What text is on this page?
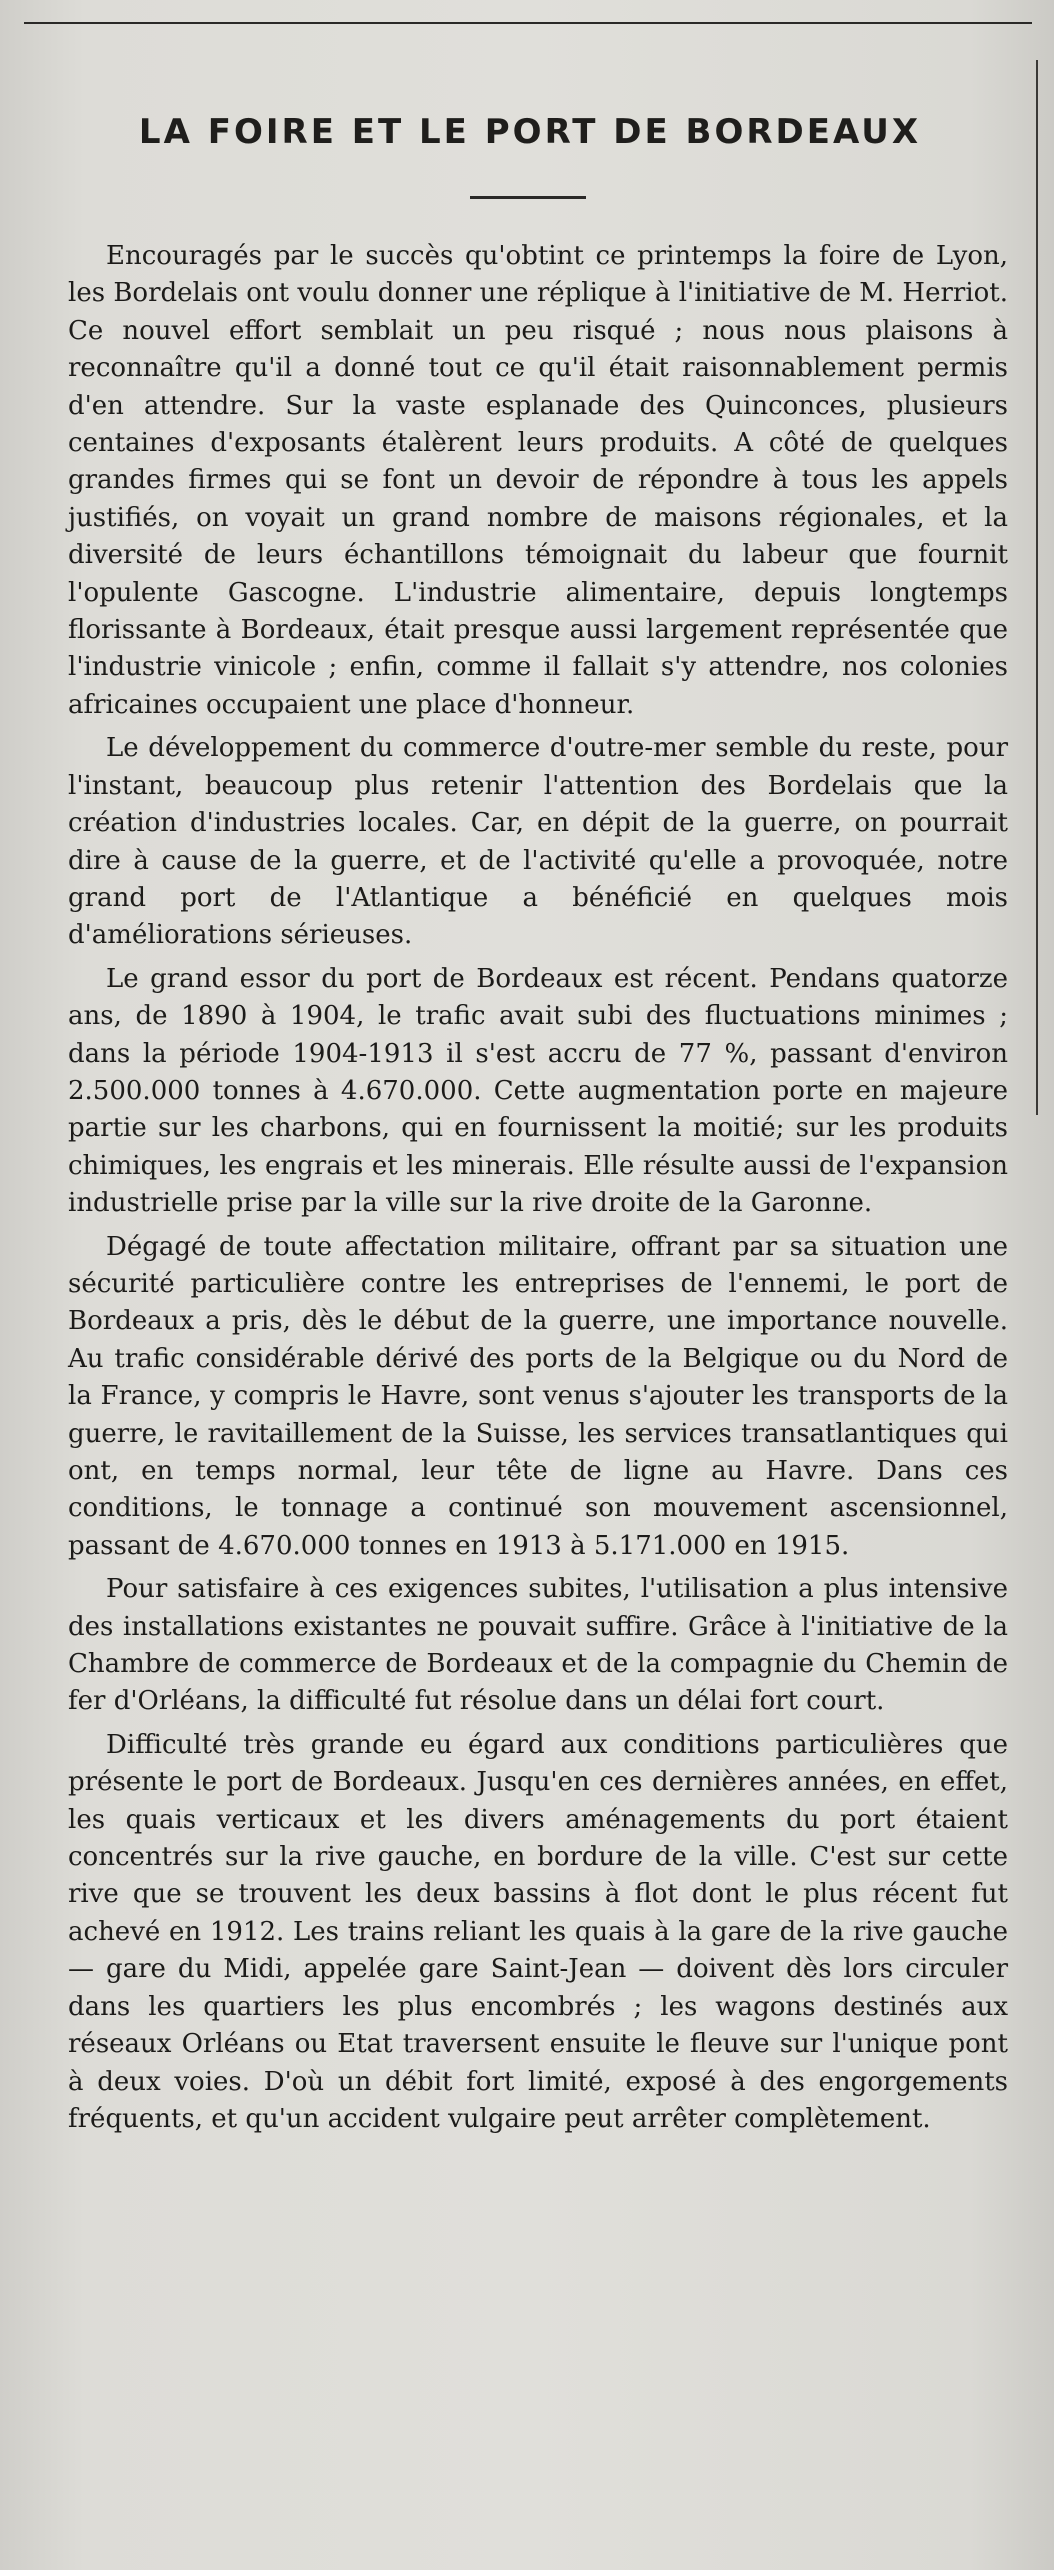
LA FOIRE ET LE PORT DE BORDEAUX

Encouragés par le succès qu'obtint ce printemps la foire de Lyon, les Bordelais ont voulu donner une réplique à l'initiative de M. Herriot. Ce nouvel effort semblait un peu risqué ; nous nous plaisons à reconnaître qu'il a donné tout ce qu'il était raisonnablement permis d'en attendre. Sur la vaste esplanade des Quinconces, plusieurs centaines d'exposants étalèrent leurs produits. A côté de quelques grandes firmes qui se font un devoir de répondre à tous les appels justifiés, on voyait un grand nombre de maisons régionales, et la diversité de leurs échantillons témoignait du labeur que fournit l'opulente Gascogne. L'industrie alimentaire, depuis longtemps florissante à Bordeaux, était presque aussi largement représentée que l'industrie vinicole ; enfin, comme il fallait s'y attendre, nos colonies africaines occupaient une place d'honneur.

Le développement du commerce d'outre-mer semble du reste, pour l'instant, beaucoup plus retenir l'attention des Bordelais que la création d'industries locales. Car, en dépit de la guerre, on pourrait dire à cause de la guerre, et de l'activité qu'elle a provoquée, notre grand port de l'Atlantique a bénéficié en quelques mois d'améliorations sérieuses.

Le grand essor du port de Bordeaux est récent. Pendans quatorze ans, de 1890 à 1904, le trafic avait subi des fluctuations minimes ; dans la période 1904-1913 il s'est accru de 77 %, passant d'environ 2.500.000 tonnes à 4.670.000. Cette augmentation porte en majeure partie sur les charbons, qui en fournissent la moitié; sur les produits chimiques, les engrais et les minerais. Elle résulte aussi de l'expansion industrielle prise par la ville sur la rive droite de la Garonne.

Dégagé de toute affectation militaire, offrant par sa situation une sécurité particulière contre les entreprises de l'ennemi, le port de Bordeaux a pris, dès le début de la guerre, une importance nouvelle. Au trafic considérable dérivé des ports de la Belgique ou du Nord de la France, y compris le Havre, sont venus s'ajouter les transports de la guerre, le ravitaillement de la Suisse, les services transatlantiques qui ont, en temps normal, leur tête de ligne au Havre. Dans ces conditions, le tonnage a continué son mouvement ascensionnel, passant de 4.670.000 tonnes en 1913 à 5.171.000 en 1915.

Pour satisfaire à ces exigences subites, l'utilisation a plus intensive des installations existantes ne pouvait suffire. Grâce à l'initiative de la Chambre de commerce de Bordeaux et de la compagnie du Chemin de fer d'Orléans, la difficulté fut résolue dans un délai fort court.

Difficulté très grande eu égard aux conditions particulières que présente le port de Bordeaux. Jusqu'en ces dernières années, en effet, les quais verticaux et les divers aménagements du port étaient concentrés sur la rive gauche, en bordure de la ville. C'est sur cette rive que se trouvent les deux bassins à flot dont le plus récent fut achevé en 1912. Les trains reliant les quais à la gare de la rive gauche — gare du Midi, appelée gare Saint-Jean — doivent dès lors circuler dans les quartiers les plus encombrés ; les wagons destinés aux réseaux Orléans ou Etat traversent ensuite le fleuve sur l'unique pont à deux voies. D'où un débit fort limité, exposé à des engorgements fréquents, et qu'un accident vulgaire peut arrêter complètement.
